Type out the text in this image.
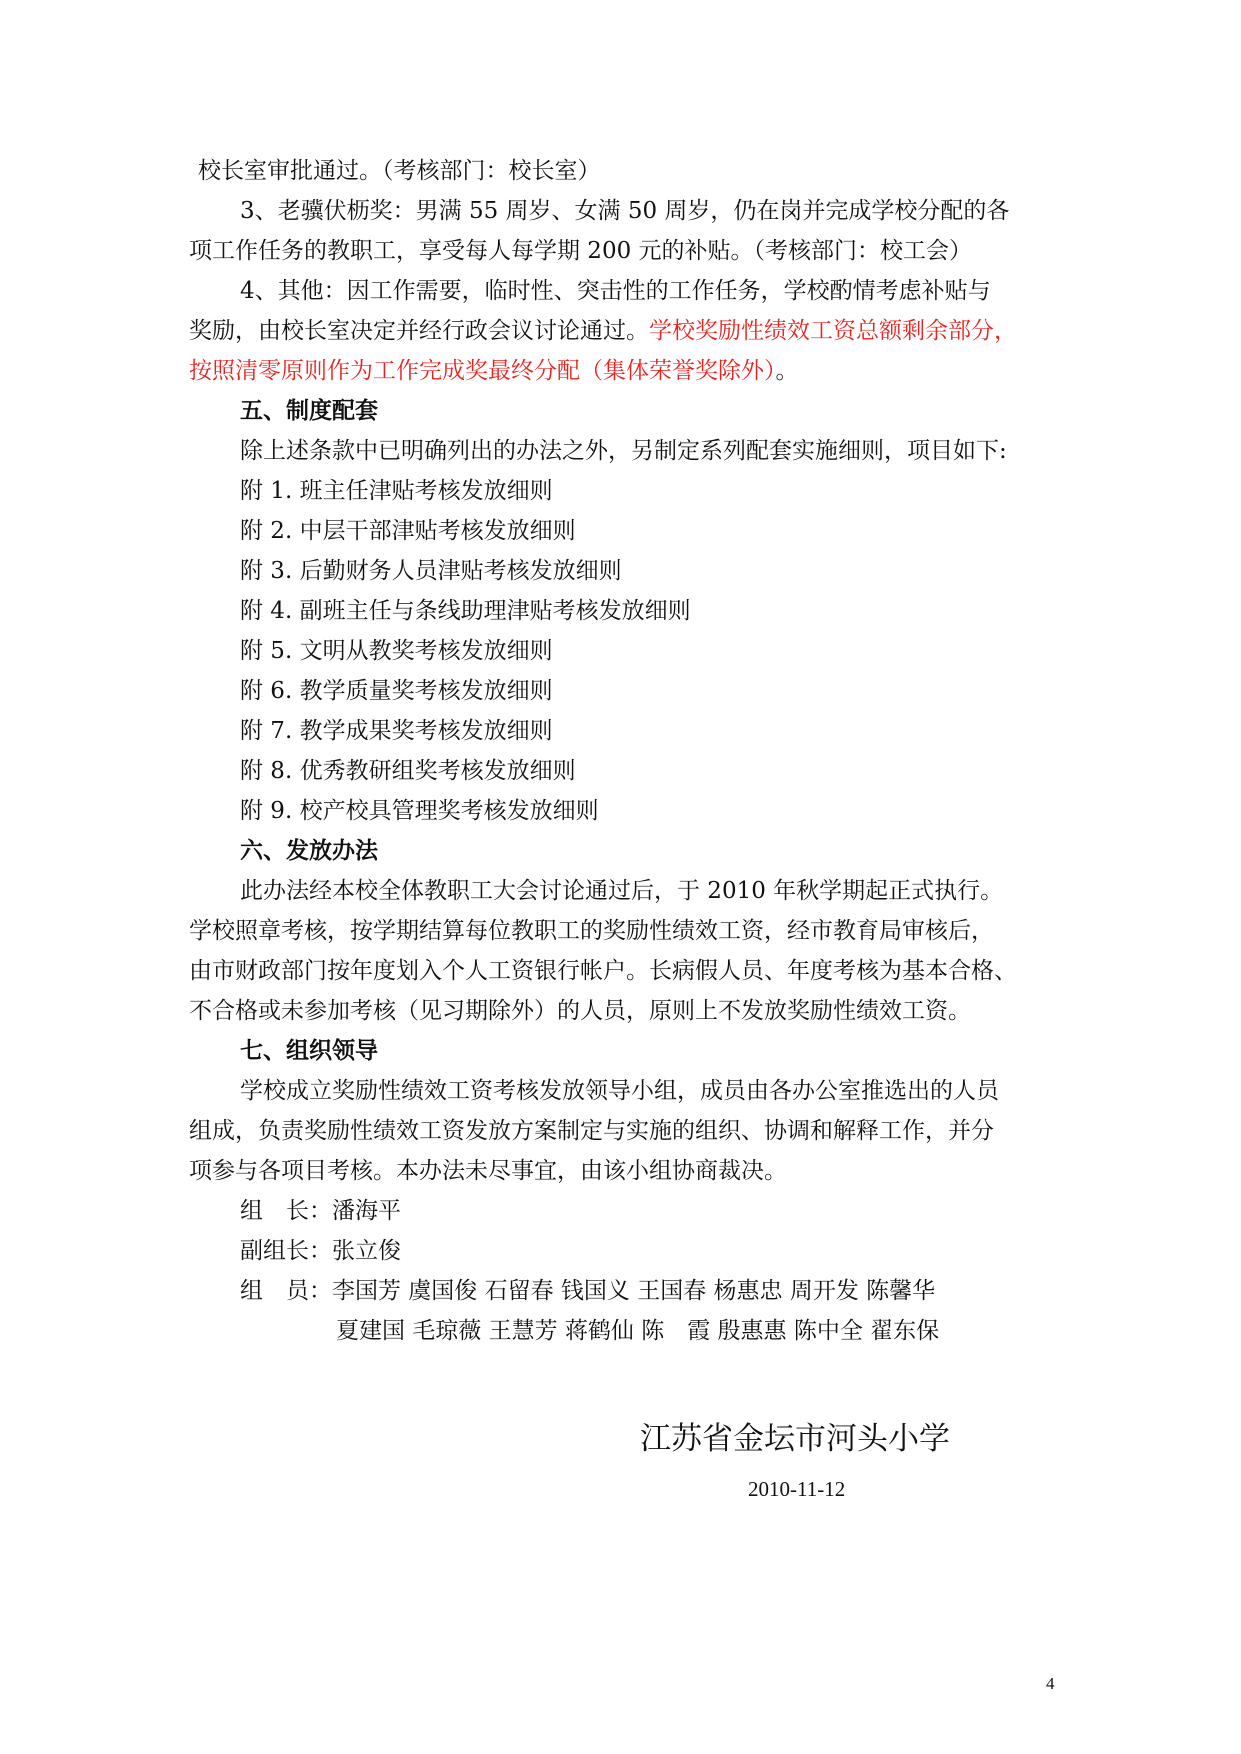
校长室审批通过。（考核部门：校长室）
3、老骥伏枥奖：男满 55 周岁、女满 50 周岁，仍在岗并完成学校分配的各
项工作任务的教职工，享受每人每学期 200 元的补贴。（考核部门：校工会）
4、其他：因工作需要，临时性、突击性的工作任务，学校酌情考虑补贴与
奖励，由校长室决定并经行政会议讨论通过。学校奖励性绩效工资总额剩余部分，
按照清零原则作为工作完成奖最终分配（集体荣誉奖除外）。
五、制度配套
除上述条款中已明确列出的办法之外，另制定系列配套实施细则，项目如下:
附 1. 班主任津贴考核发放细则
附 2. 中层干部津贴考核发放细则
附 3. 后勤财务人员津贴考核发放细则
附 4. 副班主任与条线助理津贴考核发放细则
附 5. 文明从教奖考核发放细则
附 6. 教学质量奖考核发放细则
附 7. 教学成果奖考核发放细则
附 8. 优秀教研组奖考核发放细则
附 9. 校产校具管理奖考核发放细则
六、发放办法
此办法经本校全体教职工大会讨论通过后，于 2010 年秋学期起正式执行。
学校照章考核，按学期结算每位教职工的奖励性绩效工资，经市教育局审核后，
由市财政部门按年度划入个人工资银行帐户。长病假人员、年度考核为基本合格、
不合格或未参加考核（见习期除外）的人员，原则上不发放奖励性绩效工资。
七、组织领导
学校成立奖励性绩效工资考核发放领导小组，成员由各办公室推选出的人员
组成，负责奖励性绩效工资发放方案制定与实施的组织、协调和解释工作，并分
项参与各项目考核。本办法未尽事宜，由该小组协商裁决。
组　长：潘海平
副组长：张立俊
组　员：李国芳 虞国俊 石留春 钱国义 王国春 杨惠忠 周开发 陈馨华
夏建国 毛琼薇 王慧芳 蒋鹤仙 陈　霞 殷惠惠 陈中全 翟东保
江苏省金坛市河头小学
2010-11-12
4
